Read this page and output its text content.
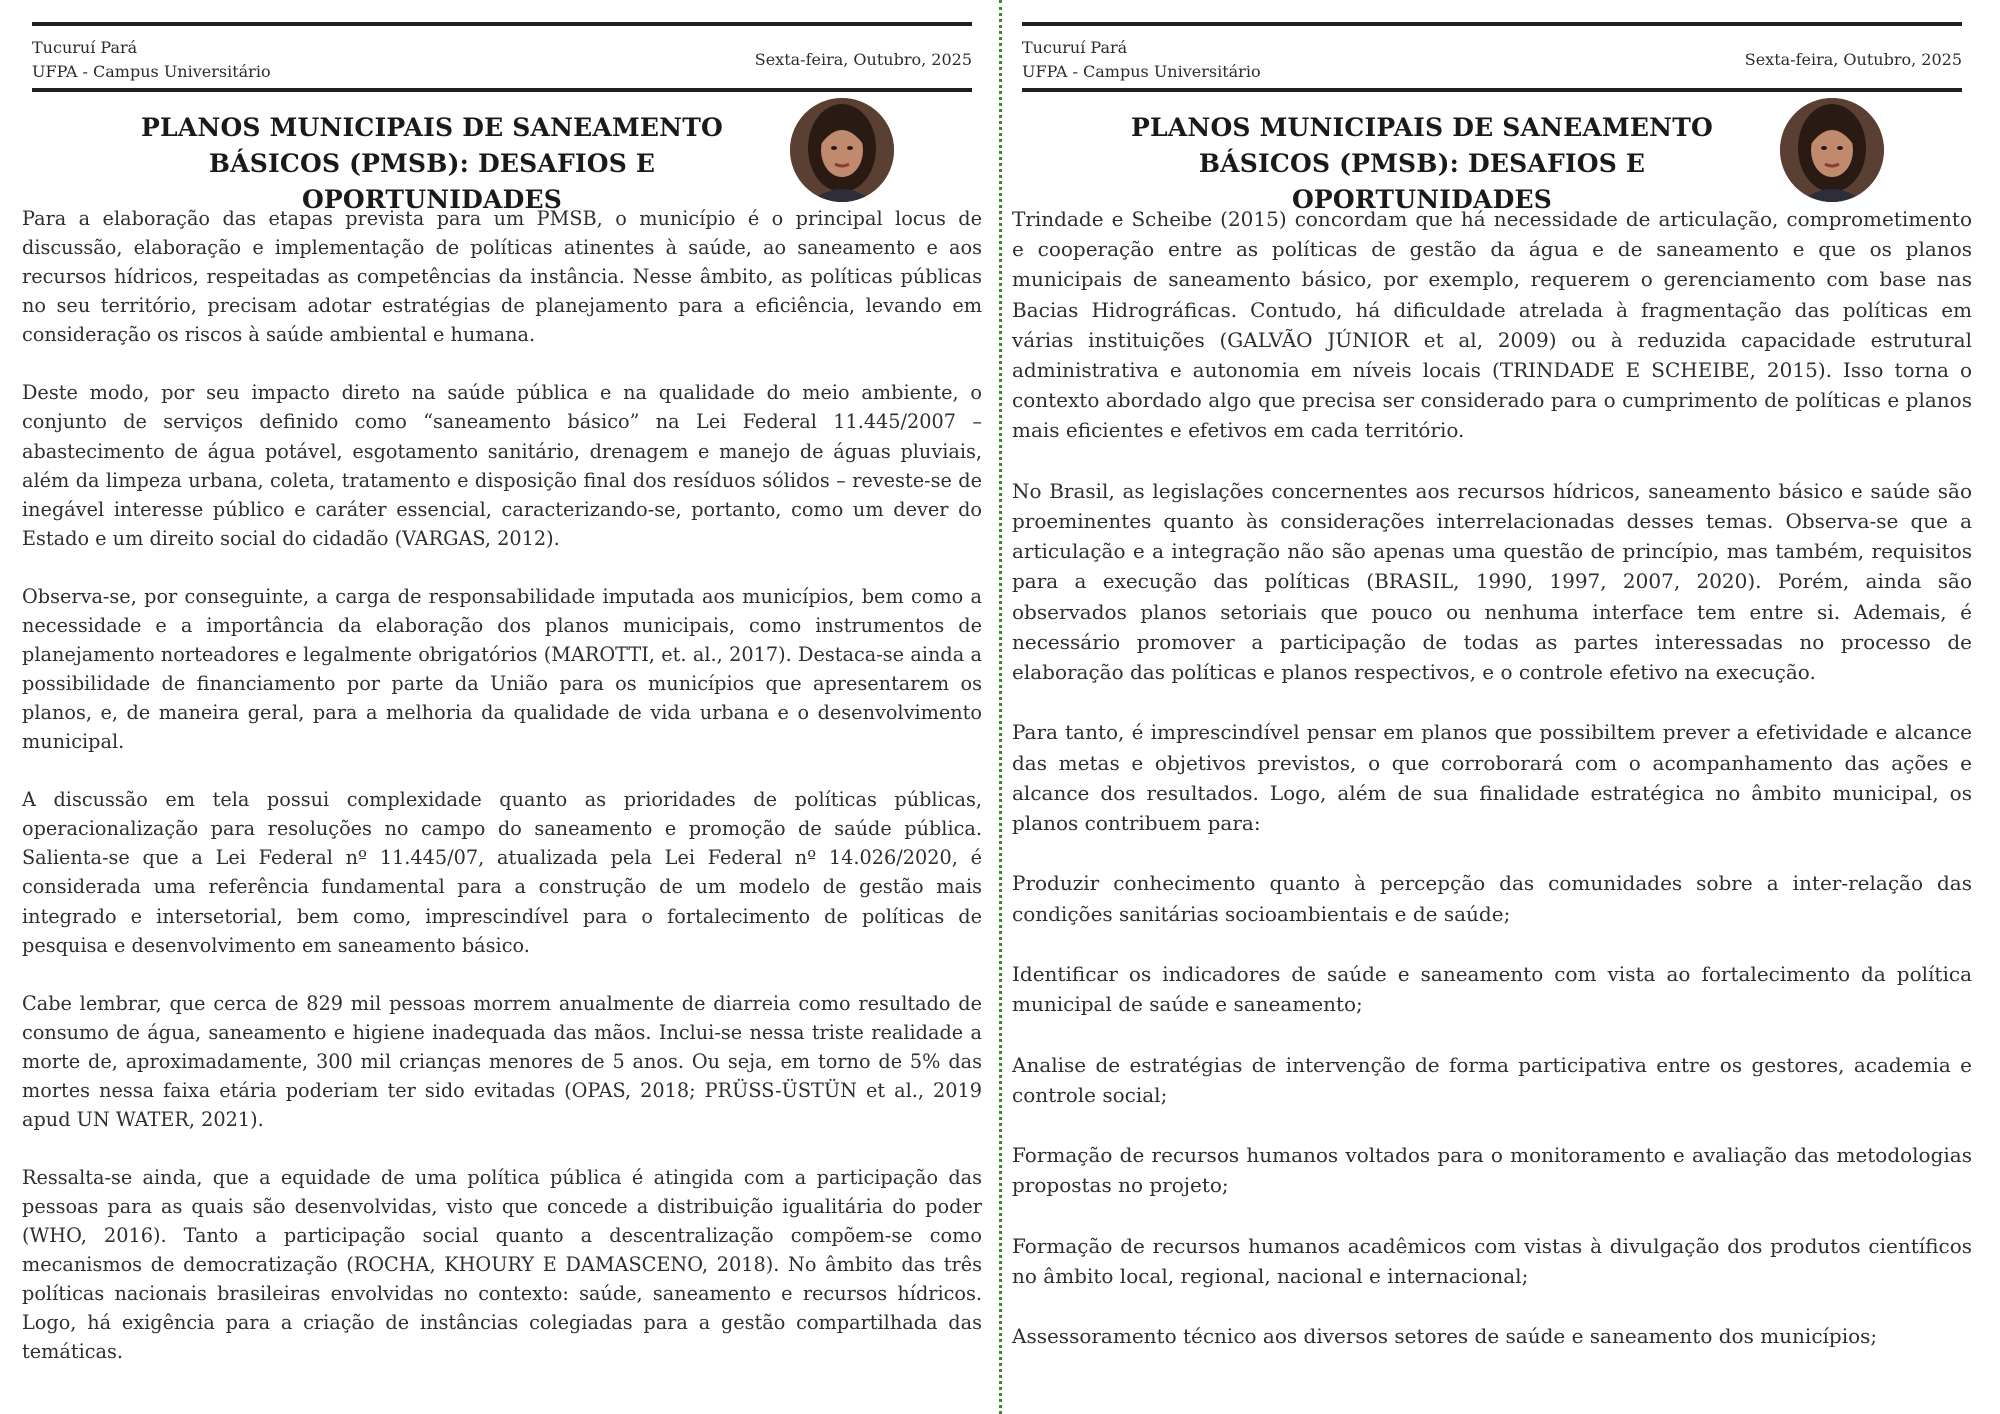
Tucuruí Pará
UFPA - Campus Universitário
Sexta-feira, Outubro, 2025
PLANOS MUNICIPAIS DE SANEAMENTO
BÁSICOS (PMSB): DESAFIOS E OPORTUNIDADES

Para a elaboração das etapas prevista para um PMSB, o município é o principal locus de discussão, elaboração e implementação de políticas atinentes à saúde, ao saneamento e aos recursos hídricos, respeitadas as competências da instância. Nesse âmbito, as políticas públicas no seu território, precisam adotar estratégias de planejamento para a eficiência, levando em consideração os riscos à saúde ambiental e humana.

Deste modo, por seu impacto direto na saúde pública e na qualidade do meio ambiente, o conjunto de serviços definido como “saneamento básico” na Lei Federal 11.445/2007 – abastecimento de água potável, esgotamento sanitário, drenagem e manejo de águas pluviais, além da limpeza urbana, coleta, tratamento e disposição final dos resíduos sólidos – reveste-se de inegável interesse público e caráter essencial, caracterizando-se, portanto, como um dever do Estado e um direito social do cidadão (VARGAS, 2012).

Observa-se, por conseguinte, a carga de responsabilidade imputada aos municípios, bem como a necessidade e a importância da elaboração dos planos municipais, como instrumentos de planejamento norteadores e legalmente obrigatórios (MAROTTI, et. al., 2017). Destaca-se ainda a possibilidade de financiamento por parte da União para os municípios que apresentarem os planos, e, de maneira geral, para a melhoria da qualidade de vida urbana e o desenvolvimento municipal.

A discussão em tela possui complexidade quanto as prioridades de políticas públicas, operacionalização para resoluções no campo do saneamento e promoção de saúde pública. Salienta-se que a Lei Federal nº 11.445/07, atualizada pela Lei Federal nº 14.026/2020, é considerada uma referência fundamental para a construção de um modelo de gestão mais integrado e intersetorial, bem como, imprescindível para o fortalecimento de políticas de pesquisa e desenvolvimento em saneamento básico.

Cabe lembrar, que cerca de 829 mil pessoas morrem anualmente de diarreia como resultado de consumo de água, saneamento e higiene inadequada das mãos. Inclui-se nessa triste realidade a morte de, aproximadamente, 300 mil crianças menores de 5 anos. Ou seja, em torno de 5% das mortes nessa faixa etária poderiam ter sido evitadas (OPAS, 2018; PRÜSS-ÜSTÜN et al., 2019 apud UN WATER, 2021).

Ressalta-se ainda, que a equidade de uma política pública é atingida com a participação das pessoas para as quais são desenvolvidas, visto que concede a distribuição igualitária do poder (WHO, 2016). Tanto a participação social quanto a descentralização compõem-se como mecanismos de democratização (ROCHA, KHOURY E DAMASCENO, 2018). No âmbito das três políticas nacionais brasileiras envolvidas no contexto: saúde, saneamento e recursos hídricos. Logo, há exigência para a criação de instâncias colegiadas para a gestão compartilhada das temáticas.

Tucuruí Pará
UFPA - Campus Universitário
Sexta-feira, Outubro, 2025
PLANOS MUNICIPAIS DE SANEAMENTO
BÁSICOS (PMSB): DESAFIOS E OPORTUNIDADES

Trindade e Scheibe (2015) concordam que há necessidade de articulação, comprometimento e cooperação entre as políticas de gestão da água e de saneamento e que os planos municipais de saneamento básico, por exemplo, requerem o gerenciamento com base nas Bacias Hidrográficas. Contudo, há dificuldade atrelada à fragmentação das políticas em várias instituições (GALVÃO JÚNIOR et al, 2009) ou à reduzida capacidade estrutural administrativa e autonomia em níveis locais (TRINDADE E SCHEIBE, 2015). Isso torna o contexto abordado algo que precisa ser considerado para o cumprimento de políticas e planos mais eficientes e efetivos em cada território.

No Brasil, as legislações concernentes aos recursos hídricos, saneamento básico e saúde são proeminentes quanto às considerações interrelacionadas desses temas. Observa-se que a articulação e a integração não são apenas uma questão de princípio, mas também, requisitos para a execução das políticas (BRASIL, 1990, 1997, 2007, 2020). Porém, ainda são observados planos setoriais que pouco ou nenhuma interface tem entre si. Ademais, é necessário promover a participação de todas as partes interessadas no processo de elaboração das políticas e planos respectivos, e o controle efetivo na execução.

Para tanto, é imprescindível pensar em planos que possibiltem prever a efetividade e alcance das metas e objetivos previstos, o que corroborará com o acompanhamento das ações e alcance dos resultados. Logo, além de sua finalidade estratégica no âmbito municipal, os planos contribuem para:

Produzir conhecimento quanto à percepção das comunidades sobre a inter-relação das condições sanitárias socioambientais e de saúde;

Identificar os indicadores de saúde e saneamento com vista ao fortalecimento da política municipal de saúde e saneamento;

Analise de estratégias de intervenção de forma participativa entre os gestores, academia e controle social;

Formação de recursos humanos voltados para o monitoramento e avaliação das metodologias propostas no projeto;

Formação de recursos humanos acadêmicos com vistas à divulgação dos produtos científicos no âmbito local, regional, nacional e internacional;

Assessoramento técnico aos diversos setores de saúde e saneamento dos municípios;
